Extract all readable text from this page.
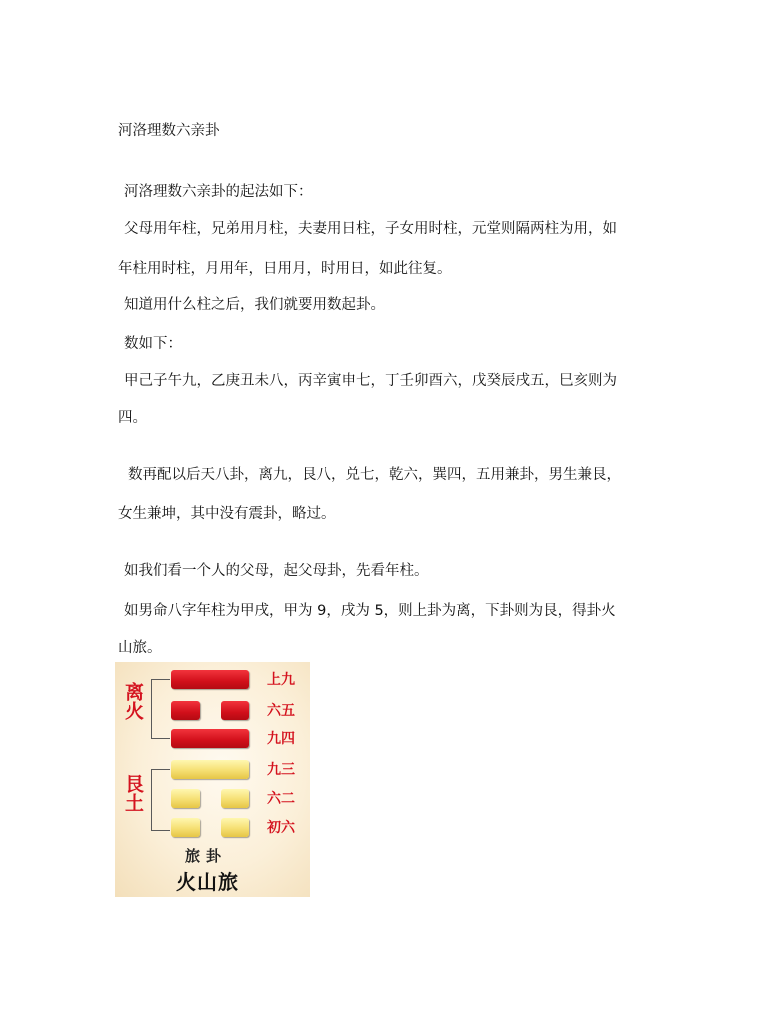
河洛理数六亲卦
河洛理数六亲卦的起法如下：
父母用年柱，兄弟用月柱，夫妻用日柱，子女用时柱，元堂则隔两柱为用，如
年柱用时柱，月用年，日用月，时用日，如此往复。
知道用什么柱之后，我们就要用数起卦。
数如下：
甲己子午九，乙庚丑未八，丙辛寅申七，丁壬卯酉六，戊癸辰戌五，巳亥则为
四。
数再配以后天八卦，离九，艮八，兑七，乾六，巽四，五用兼卦，男生兼艮，
女生兼坤，其中没有震卦，略过。
如我们看一个人的父母，起父母卦，先看年柱。
如男命八字年柱为甲戌，甲为 9，戌为 5，则上卦为离，下卦则为艮，得卦火
山旅。
离火
艮土
上九
六五
九四
九三
六二
初六
旅卦
火山旅
